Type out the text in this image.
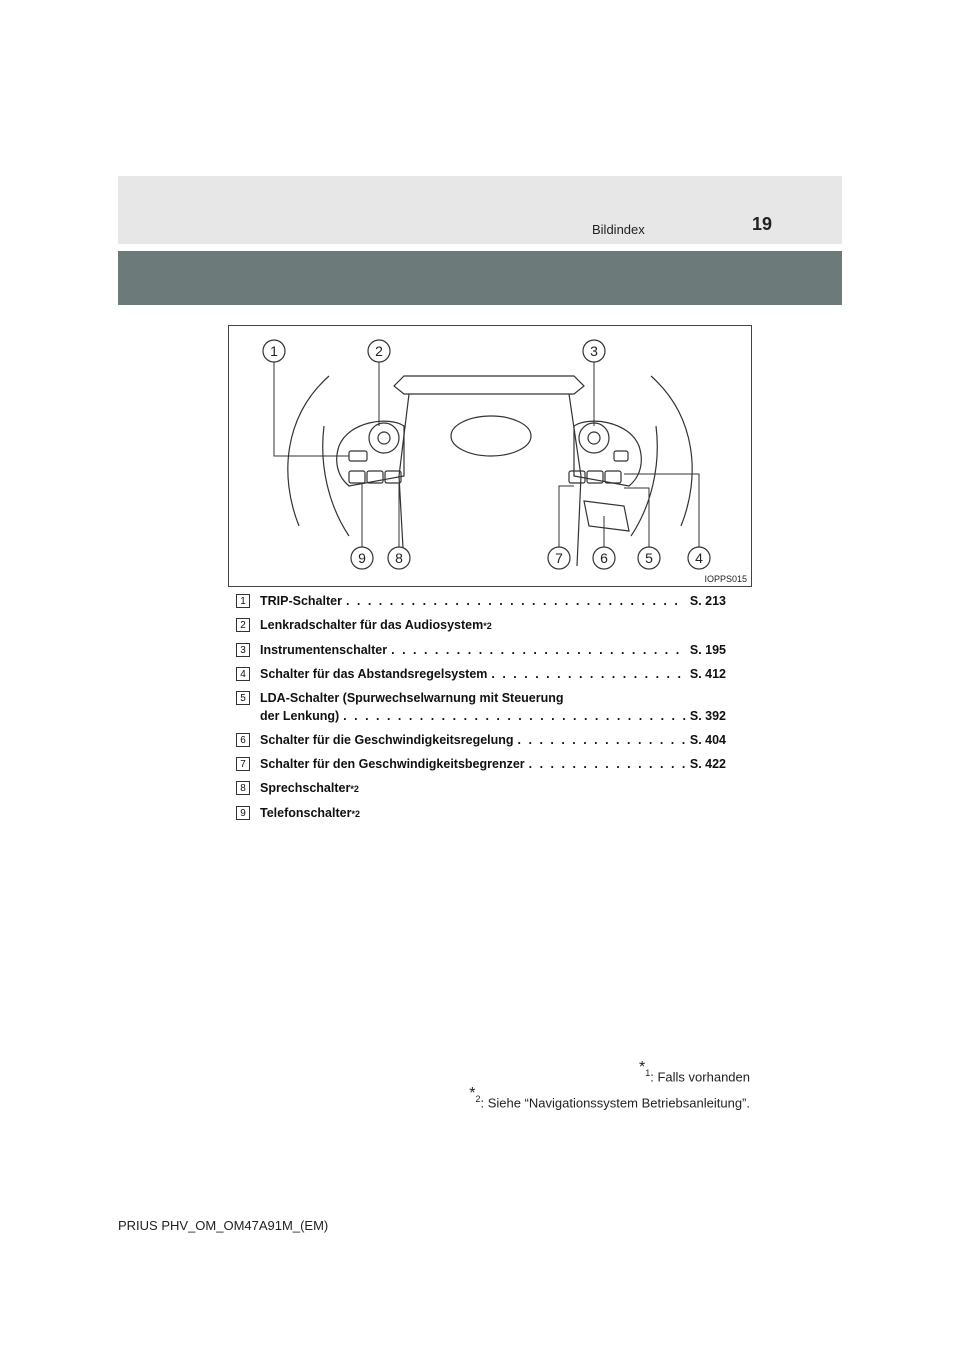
Bildindex	19
1	2	3
4
5
6
7
8
9
IOPPS015
1	TRIP-Schalter . . .	S. 213
2	Lenkradschalter für das Audiosystem *2
3	Instrumentenschalter . . .	S. 195
4	Schalter für das Abstandsregelsystem . . .	S. 412
5	LDA-Schalter (Spurwechselwarnung mit Steuerung
der Lenkung) . . .	S. 392
6	Schalter für die Geschwindigkeitsregelung . . .	S. 404
7	Schalter für den Geschwindigkeitsbegrenzer . . .	S. 422
8	Sprechschalter *2
9	Telefonschalter *2
*$^1$: Falls vorhanden
*$^2$: Siehe “Navigationssystem Betriebsanleitung”.
PRIUS PHV_OM_OM47A91M_(EM)
